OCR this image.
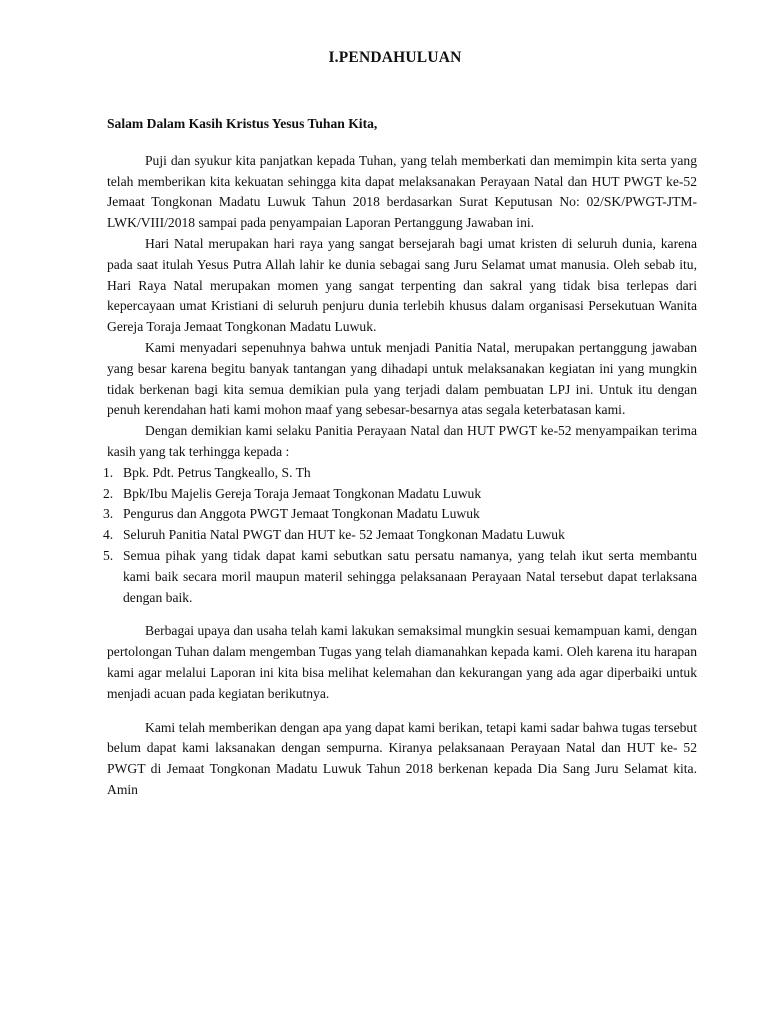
I.PENDAHULUAN
Salam Dalam Kasih Kristus Yesus Tuhan Kita,

Puji dan syukur kita panjatkan kepada Tuhan, yang telah memberkati dan memimpin kita serta yang telah memberikan kita kekuatan sehingga kita dapat melaksanakan Perayaan Natal dan HUT PWGT ke-52 Jemaat Tongkonan Madatu Luwuk Tahun 2018 berdasarkan Surat Keputusan No: 02/SK/PWGT-JTM-LWK/VIII/2018 sampai pada penyampaian Laporan Pertanggung Jawaban ini.

Hari Natal merupakan hari raya yang sangat bersejarah bagi umat kristen di seluruh dunia, karena pada saat itulah Yesus Putra Allah lahir ke dunia sebagai sang Juru Selamat umat manusia. Oleh sebab itu, Hari Raya Natal merupakan momen yang sangat terpenting dan sakral yang tidak bisa terlepas dari kepercayaan umat Kristiani di seluruh penjuru dunia terlebih khusus dalam organisasi Persekutuan Wanita Gereja Toraja Jemaat Tongkonan Madatu Luwuk.

Kami menyadari sepenuhnya bahwa untuk menjadi Panitia Natal, merupakan pertanggung jawaban yang besar karena begitu banyak tantangan yang dihadapi untuk melaksanakan kegiatan ini yang mungkin tidak berkenan bagi kita semua demikian pula yang terjadi dalam pembuatan LPJ ini. Untuk itu dengan penuh kerendahan hati kami mohon maaf yang sebesar-besarnya atas segala keterbatasan kami.

Dengan demikian kami selaku Panitia Perayaan Natal dan HUT PWGT ke-52 menyampaikan terima kasih yang tak terhingga kepada :

1. Bpk. Pdt. Petrus Tangkeallo, S. Th
2. Bpk/Ibu Majelis Gereja Toraja Jemaat Tongkonan Madatu Luwuk
3. Pengurus dan Anggota PWGT Jemaat Tongkonan Madatu Luwuk
4. Seluruh Panitia Natal PWGT dan HUT ke- 52 Jemaat Tongkonan Madatu Luwuk
5. Semua pihak yang tidak dapat kami sebutkan satu persatu namanya, yang telah ikut serta membantu kami baik secara moril maupun materil sehingga pelaksanaan Perayaan Natal tersebut dapat terlaksana dengan baik.

Berbagai upaya dan usaha telah kami lakukan semaksimal mungkin sesuai kemampuan kami, dengan pertolongan Tuhan dalam mengemban Tugas yang telah diamanahkan kepada kami. Oleh karena itu harapan kami agar melalui Laporan ini kita bisa melihat kelemahan dan kekurangan yang ada agar diperbaiki untuk menjadi acuan pada kegiatan berikutnya.

Kami telah memberikan dengan apa yang dapat kami berikan, tetapi kami sadar bahwa tugas tersebut belum dapat kami laksanakan dengan sempurna. Kiranya pelaksanaan Perayaan Natal dan HUT ke- 52 PWGT di Jemaat Tongkonan Madatu Luwuk Tahun 2018 berkenan kepada Dia Sang Juru Selamat kita. Amin
